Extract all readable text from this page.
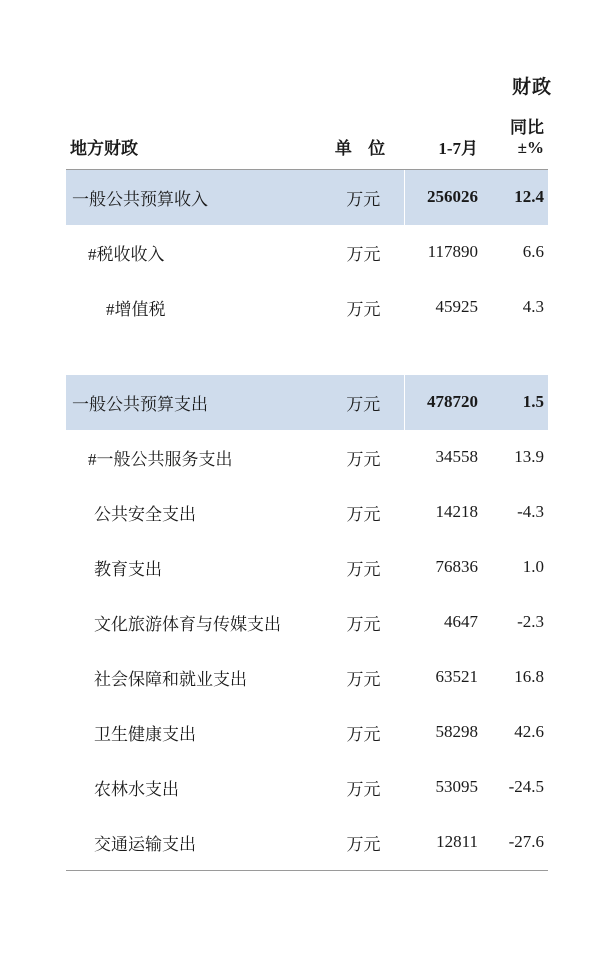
财政
地方财政	单 位	1-7月	同比
±%

一般公共预算收入	万元	256026	12.4
#税收收入	万元	117890	6.6
#增值税	万元	45925	4.3

一般公共预算支出	万元	478720	1.5
#一般公共服务支出	万元	34558	13.9
公共安全支出	万元	14218	-4.3
教育支出	万元	76836	1.0
文化旅游体育与传媒支出	万元	4647	-2.3
社会保障和就业支出	万元	63521	16.8
卫生健康支出	万元	58298	42.6
农林水支出	万元	53095	-24.5
交通运输支出	万元	12811	-27.6
